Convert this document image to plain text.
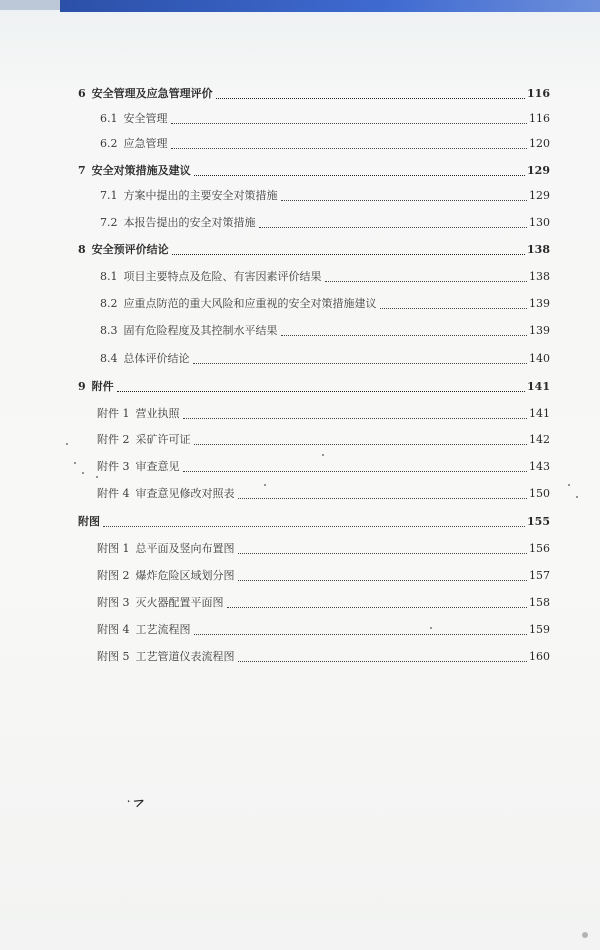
6 安全管理及应急管理评价	116
6.1 安全管理	116
6.2 应急管理	120
7 安全对策措施及建议	129
7.1 方案中提出的主要安全对策措施	129
7.2 本报告提出的安全对策措施	130
8 安全预评价结论	138
8.1 项目主要特点及危险、有害因素评价结果	138
8.2 应重点防范的重大风险和应重视的安全对策措施建议	139
8.3 固有危险程度及其控制水平结果	139
8.4 总体评价结论	140
9 附件	141
附件 1 营业执照	141
附件 2 采矿许可证	142
附件 3 审查意见	143
附件 4 审查意见修改对照表	150
附图	155
附图 1 总平面及竖向布置图	156
附图 2 爆炸危险区域划分图	157
附图 3 灭火器配置平面图	158
附图 4 工艺流程图	159
附图 5 工艺管道仪表流程图	160
˙>
